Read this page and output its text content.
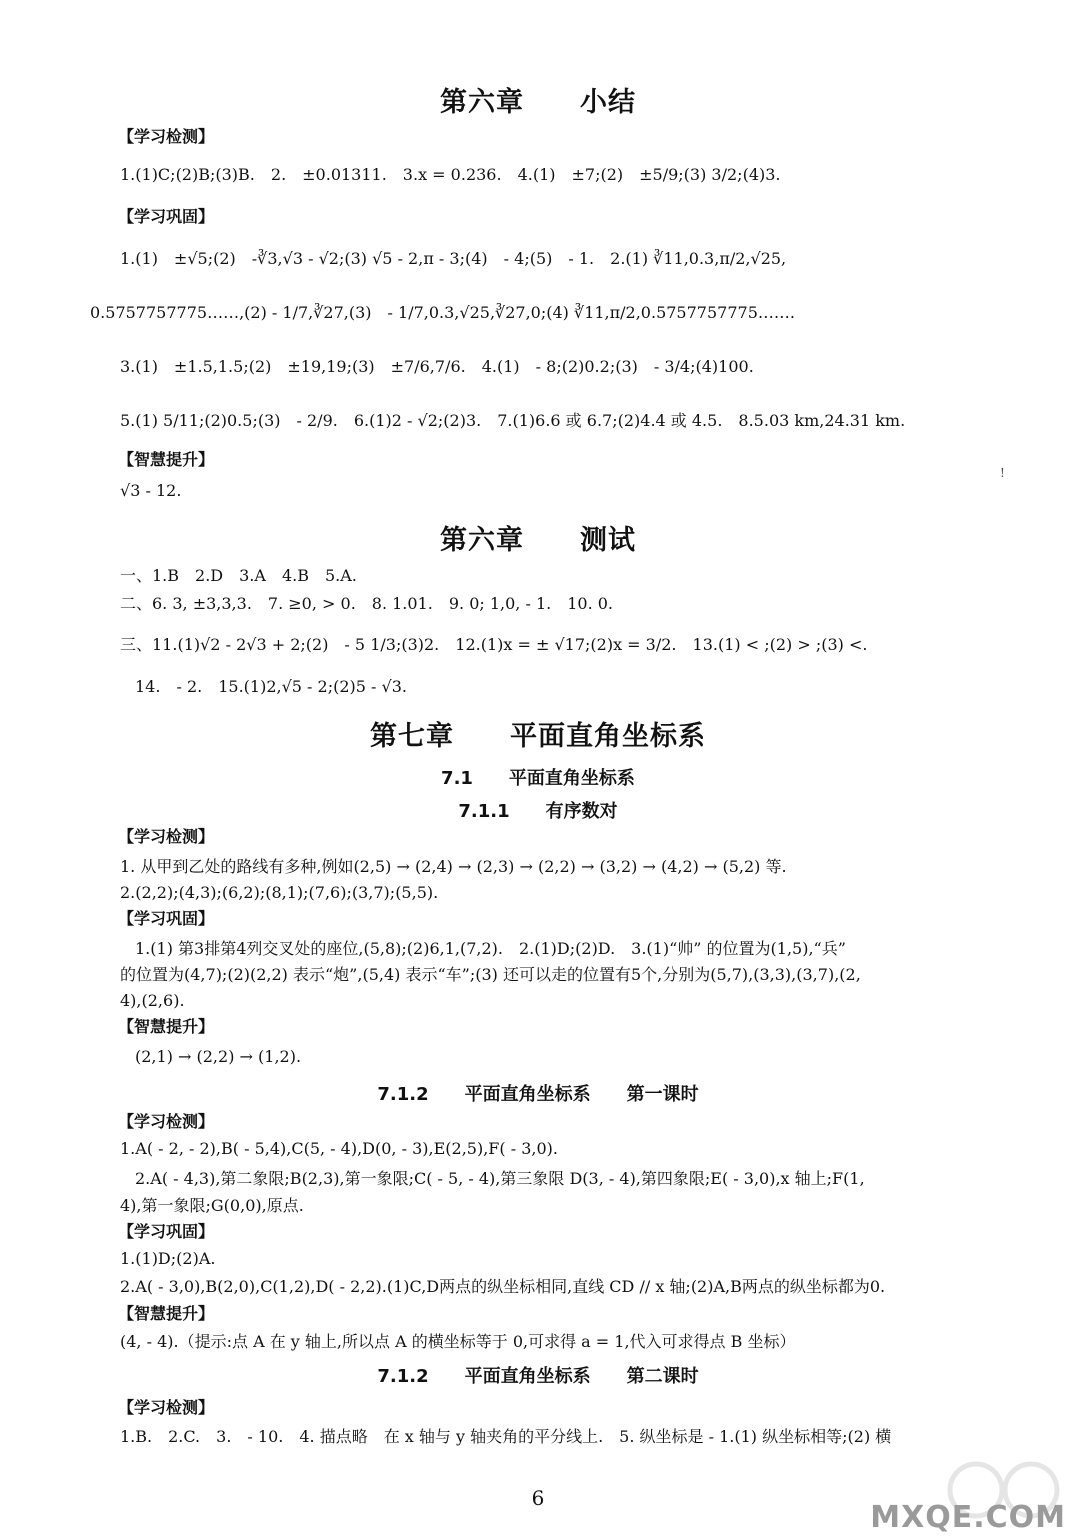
第六章　　小结
【学习检测】
1.(1)C;(2)B;(3)B.　2.　±0.01311.　3.x = 0.236.　4.(1)　±7;(2)　±5/9;(3) 3/2;(4)3.
【学习巩固】
1.(1)　±√5;(2)　-∛3,√3 - √2;(3) √5 - 2,π - 3;(4)　- 4;(5)　- 1.　2.(1) ∛11,0.3,π/2,√25,
0.5757757775……,(2) - 1/7,∛27,(3)　- 1/7,0.3,√25,∛27,0;(4) ∛11,π/2,0.5757757775…….
3.(1)　±1.5,1.5;(2)　±19,19;(3)　±7/6,7/6.　4.(1)　- 8;(2)0.2;(3)　- 3/4;(4)100.
5.(1) 5/11;(2)0.5;(3)　- 2/9.　6.(1)2 - √2;(2)3.　7.(1)6.6 或 6.7;(2)4.4 或 4.5.　8.5.03 km,24.31 km.
【智慧提升】
√3 - 12.
!
第六章　　测试
一、1.B　2.D　3.A　4.B　5.A.
二、6. 3, ±3,3,3.　7. ≥0, > 0.　8. 1.01.　9. 0; 1,0, - 1.　10. 0.
三、11.(1)√2 - 2√3 + 2;(2)　- 5 1/3;(3)2.　12.(1)x = ± √17;(2)x = 3/2.　13.(1) < ;(2) > ;(3) <.
14.　- 2.　15.(1)2,√5 - 2;(2)5 - √3.
第七章　　平面直角坐标系
7.1　　平面直角坐标系
7.1.1　　有序数对
【学习检测】
1. 从甲到乙处的路线有多种,例如(2,5) → (2,4) → (2,3) → (2,2) → (3,2) → (4,2) → (5,2) 等.
2.(2,2);(4,3);(6,2);(8,1);(7,6);(3,7);(5,5).
【学习巩固】
1.(1) 第3排第4列交叉处的座位,(5,8);(2)6,1,(7,2).　2.(1)D;(2)D.　3.(1)“帅” 的位置为(1,5),“兵”
的位置为(4,7);(2)(2,2) 表示“炮”,(5,4) 表示“车”;(3) 还可以走的位置有5个,分别为(5,7),(3,3),(3,7),(2,
4),(2,6).
【智慧提升】
(2,1) → (2,2) → (1,2).
7.1.2　　平面直角坐标系　　第一课时
【学习检测】
1.A( - 2, - 2),B( - 5,4),C(5, - 4),D(0, - 3),E(2,5),F( - 3,0).
2.A( - 4,3),第二象限;B(2,3),第一象限;C( - 5, - 4),第三象限 D(3, - 4),第四象限;E( - 3,0),x 轴上;F(1,
4),第一象限;G(0,0),原点.
【学习巩固】
1.(1)D;(2)A.
2.A( - 3,0),B(2,0),C(1,2),D( - 2,2).(1)C,D两点的纵坐标相同,直线 CD // x 轴;(2)A,B两点的纵坐标都为0.
【智慧提升】
(4, - 4).（提示:点 A 在 y 轴上,所以点 A 的横坐标等于 0,可求得 a = 1,代入可求得点 B 坐标）
7.1.2　　平面直角坐标系　　第二课时
【学习检测】
1.B.　2.C.　3.　- 10.　4. 描点略　在 x 轴与 y 轴夹角的平分线上.　5. 纵坐标是 - 1.(1) 纵坐标相等;(2) 横
6
MXQE.COM
